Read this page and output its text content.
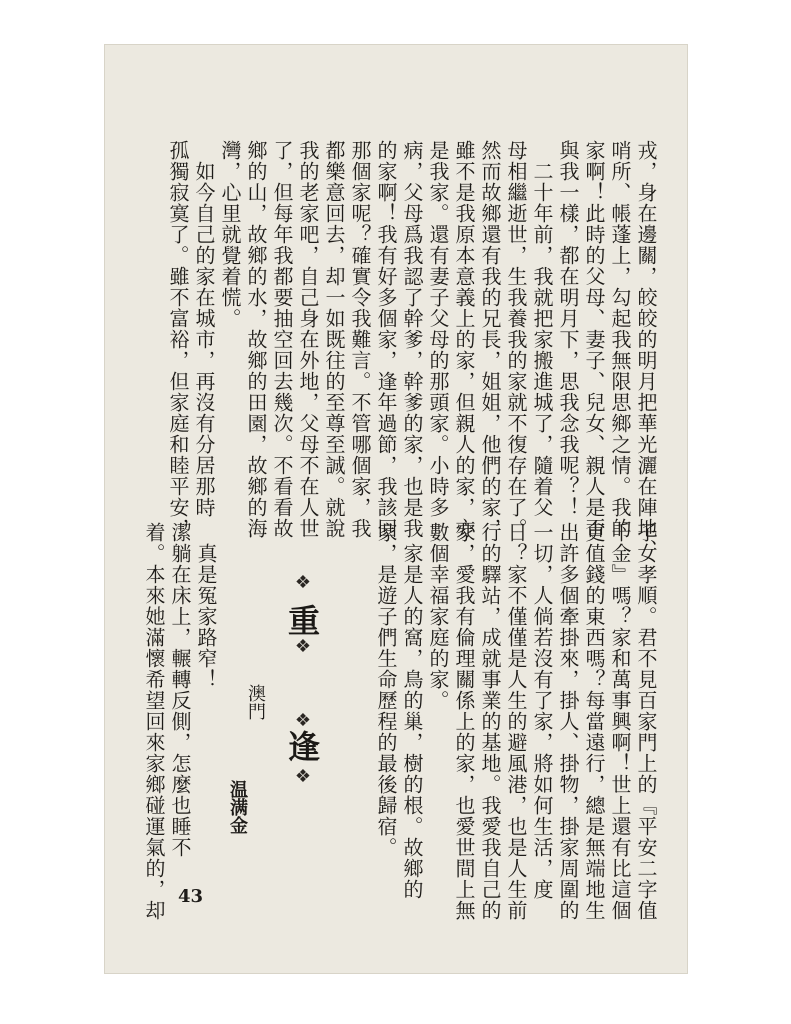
戎，身在邊關，皎皎的明月把華光灑在陣地、
哨所、帳蓬上，勾起我無限思鄉之情。我的
家啊！此時的父母、妻子、兒女、親人是否
與我一樣，都在明月下，思我念我呢？！
　二十年前，我就把家搬進城了，隨着父
母相繼逝世，生我養我的家就不復存在了。
然而故鄉還有我的兄長，姐姐，他們的家，
雖不是我原本意義上的家，但親人的家，亦
是我家。還有妻子父母的那頭家。小時多
病，父母爲我認了幹爹，幹爹的家，也是我
的家啊！我有好多個家，逢年過節，我該回
那個家呢？確實令我難言。不管哪個家，我
都樂意回去，却一如既往的至尊至誠。就說
我的老家吧，自己身在外地，父母不在人世
了，但每年我都要抽空回去幾次。不看看故
鄉的山，故鄉的水，故鄉的田園，故鄉的海
灣，心里就覺着慌。
　如今自己的家在城市，再沒有分居那時
孤獨寂寞了。雖不富裕，但家庭和睦平安，
子女孝順。君不見百家門上的『平安二字值
千金』嗎？家和萬事興啊！世上還有比這個
更值錢的東西嗎？每當遠行，總是無端地生
出許多個牽掛來，掛人、掛物，掛家周圍的
一切，人倘若沒有了家，將如何生活，度
日？家不僅僅是人生的避風港，也是人生前
行的驛站，成就事業的基地。我愛我自己的
家，愛我有倫理關係上的家，也愛世間上無
數個幸福家庭的家。
　家是人的窩，鳥的巢，樹的根。故鄉的
家，是遊子們生命歷程的最後歸宿。
❖
重
❖
❖
逢
❖
澳門
温满金
　真是冤家路窄！
潔躺在床上，輾轉反側，怎麼也睡不
着。本來她滿懷希望回來家鄉碰運氣的，却 43
